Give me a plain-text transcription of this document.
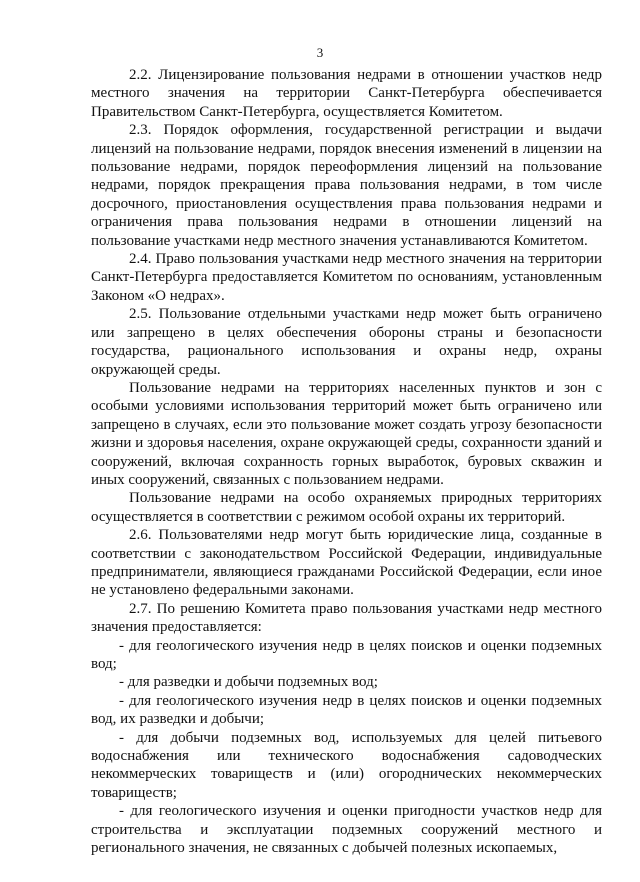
3

2.2. Лицензирование пользования недрами в отношении участков недр местного значения на территории Санкт-Петербурга обеспечивается Правительством Санкт-Петербурга, осуществляется Комитетом.

2.3. Порядок оформления, государственной регистрации и выдачи лицензий на пользование недрами, порядок внесения изменений в лицензии на пользование недрами, порядок переоформления лицензий на пользование недрами, порядок прекращения права пользования недрами, в том числе досрочного, приостановления осуществления права пользования недрами и ограничения права пользования недрами в отношении лицензий на пользование участками недр местного значения устанавливаются Комитетом.

2.4. Право пользования участками недр местного значения на территории Санкт-Петербурга предоставляется Комитетом по основаниям, установленным Законом «О недрах».

2.5. Пользование отдельными участками недр может быть ограничено или запрещено в целях обеспечения обороны страны и безопасности государства, рационального использования и охраны недр, охраны окружающей среды.

Пользование недрами на территориях населенных пунктов и зон с особыми условиями использования территорий может быть ограничено или запрещено в случаях, если это пользование может создать угрозу безопасности жизни и здоровья населения, охране окружающей среды, сохранности зданий и сооружений, включая сохранность горных выработок, буровых скважин и иных сооружений, связанных с пользованием недрами.

Пользование недрами на особо охраняемых природных территориях осуществляется в соответствии с режимом особой охраны их территорий.

2.6. Пользователями недр могут быть юридические лица, созданные в соответствии с законодательством Российской Федерации, индивидуальные предприниматели, являющиеся гражданами Российской Федерации, если иное не установлено федеральными законами.

2.7. По решению Комитета право пользования участками недр местного значения предоставляется:

- для геологического изучения недр в целях поисков и оценки подземных вод;

- для разведки и добычи подземных вод;

- для геологического изучения недр в целях поисков и оценки подземных вод, их разведки и добычи;

- для добычи подземных вод, используемых для целей питьевого водоснабжения или технического водоснабжения садоводческих некоммерческих товариществ и (или) огороднических некоммерческих товариществ;

- для геологического изучения и оценки пригодности участков недр для строительства и эксплуатации подземных сооружений местного и регионального значения, не связанных с добычей полезных ископаемых,
